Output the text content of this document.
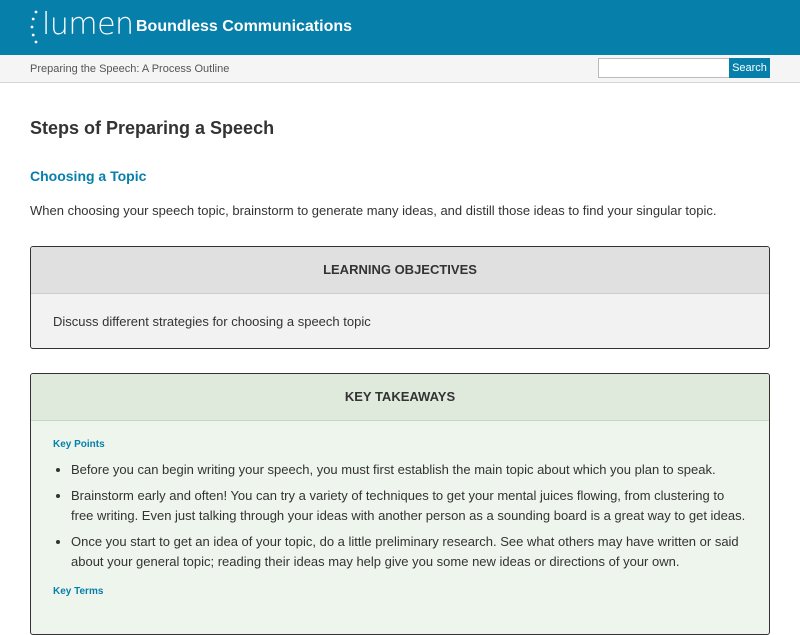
lumen Boundless Communications
Preparing the Speech: A Process Outline	Search
Steps of Preparing a Speech
Choosing a Topic

When choosing your speech topic, brainstorm to generate many ideas, and distill those ideas to find your singular topic.

LEARNING OBJECTIVES
Discuss different strategies for choosing a speech topic
KEY TAKEAWAYS
Key Points
• Before you can begin writing your speech, you must first establish the main topic about which you plan to speak.
• Brainstorm early and often! You can try a variety of techniques to get your mental juices flowing, from clustering to free writing. Even just talking through your ideas with another person as a sounding board is a great way to get ideas.
• Once you start to get an idea of your topic, do a little preliminary research. See what others may have written or said about your general topic; reading their ideas may help give you some new ideas or directions of your own.
Key Terms
